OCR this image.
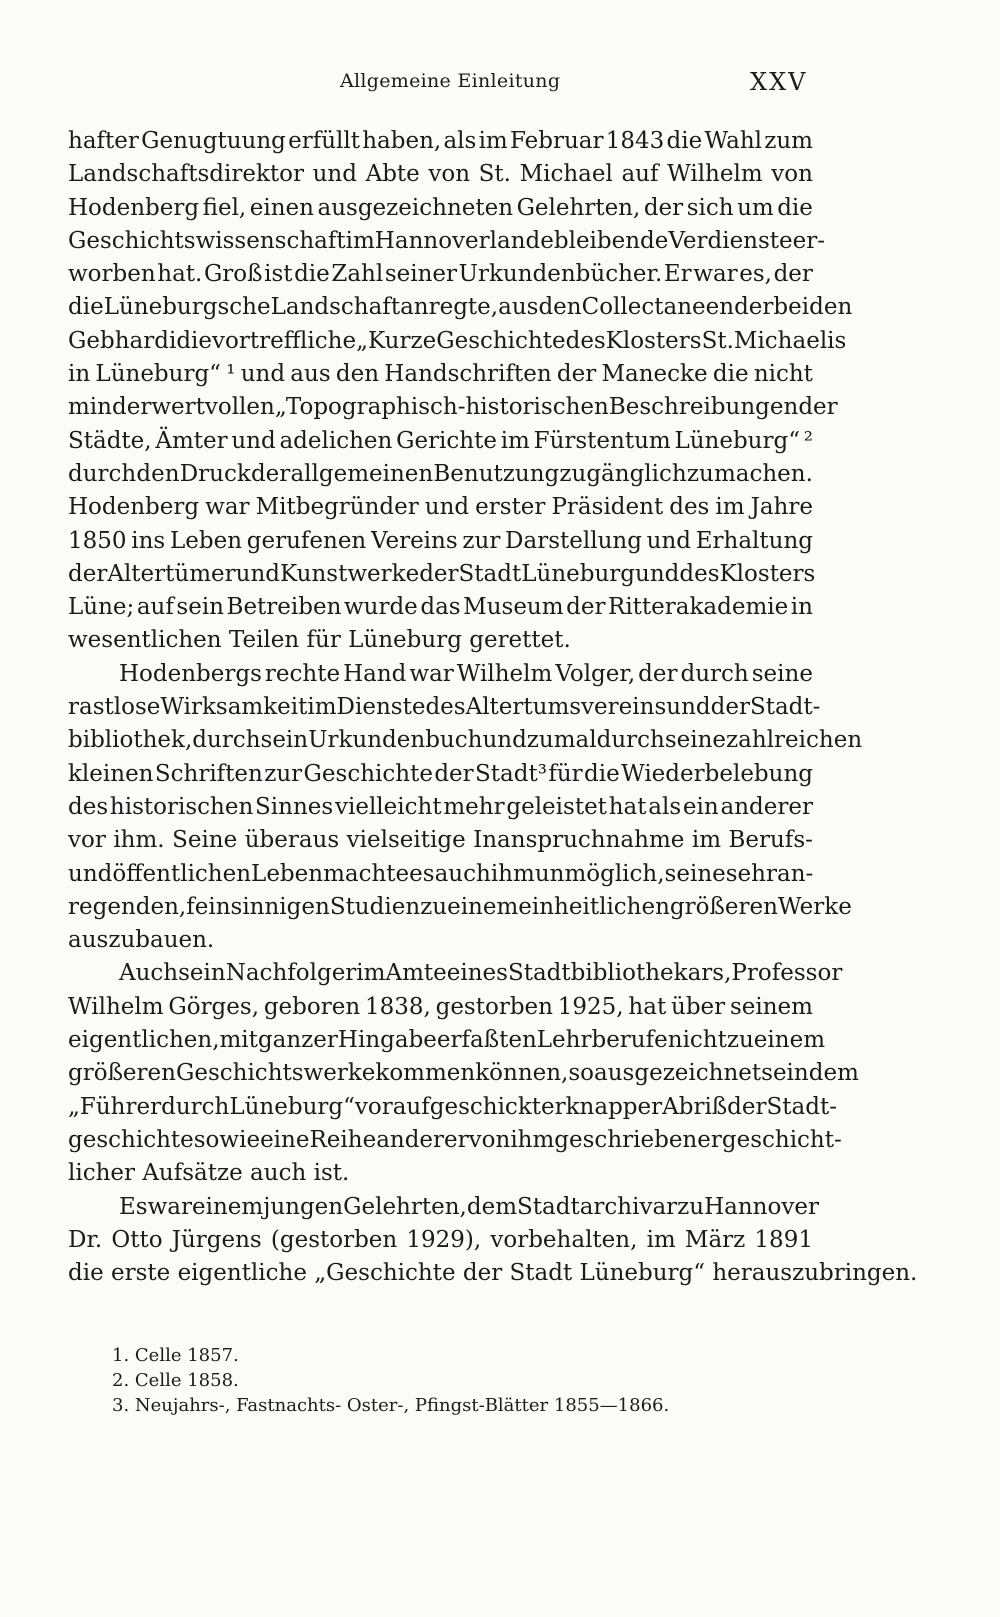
Allgemeine Einleitung	XXV
hafter Genugtuung erfüllt haben, als im Februar 1843 die Wahl zum
Landschaftsdirektor und Abte von St. Michael auf Wilhelm von
Hodenberg fiel, einen ausgezeichneten Gelehrten, der sich um die
Geschichtswissenschaft im Hannoverlande bleibende Verdienste er-
worben hat. Groß ist die Zahl seiner Urkundenbücher. Er war es, der
die Lüneburgsche Landschaft anregte, aus den Collectaneen der beiden
Gebhardi die vortreffliche „Kurze Geschichte des Klosters St. Michaelis
in Lüneburg“ ¹ und aus den Handschriften der Manecke die nicht
minder wertvollen „Topographisch-historischen Beschreibungen der
Städte, Ämter und adelichen Gerichte im Fürstentum Lüneburg“ ²
durch den Druck der allgemeinen Benutzung zugänglich zu machen.
Hodenberg war Mitbegründer und erster Präsident des im Jahre
1850 ins Leben gerufenen Vereins zur Darstellung und Erhaltung
der Altertümer und Kunstwerke der Stadt Lüneburg und des Klosters
Lüne; auf sein Betreiben wurde das Museum der Ritterakademie in
wesentlichen Teilen für Lüneburg gerettet.
Hodenbergs rechte Hand war Wilhelm Volger, der durch seine
rastlose Wirksamkeit im Dienste des Altertumsvereins und der Stadt-
bibliothek, durch sein Urkundenbuch und zumal durch seine zahlreichen
kleinen Schriften zur Geschichte der Stadt³ für die Wiederbelebung
des historischen Sinnes vielleicht mehr geleistet hat als ein anderer
vor ihm. Seine überaus vielseitige Inanspruchnahme im Berufs-
und öffentlichen Leben machte es auch ihm unmöglich, seine sehr an-
regenden, feinsinnigen Studien zu einem einheitlichen größeren Werke
auszubauen.
Auch sein Nachfolger im Amte eines Stadtbibliothekars, Professor
Wilhelm Görges, geboren 1838, gestorben 1925, hat über seinem
eigentlichen, mit ganzer Hingabe erfaßten Lehrberufe nicht zu einem
größeren Geschichtswerke kommen können, so ausgezeichnet sein dem
„Führer durch Lüneburg“ voraufgeschickter knapper Abriß der Stadt-
geschichte sowie eine Reihe anderer von ihm geschriebener geschicht-
licher Aufsätze auch ist.
Es war einem jungen Gelehrten, dem Stadtarchivar zu Hannover
Dr. Otto Jürgens (gestorben 1929), vorbehalten, im März 1891
die erste eigentliche „Geschichte der Stadt Lüneburg“ herauszubringen.
1. Celle 1857.
2. Celle 1858.
3. Neujahrs-, Fastnachts- Oster-, Pfingst-Blätter 1855—1866.
